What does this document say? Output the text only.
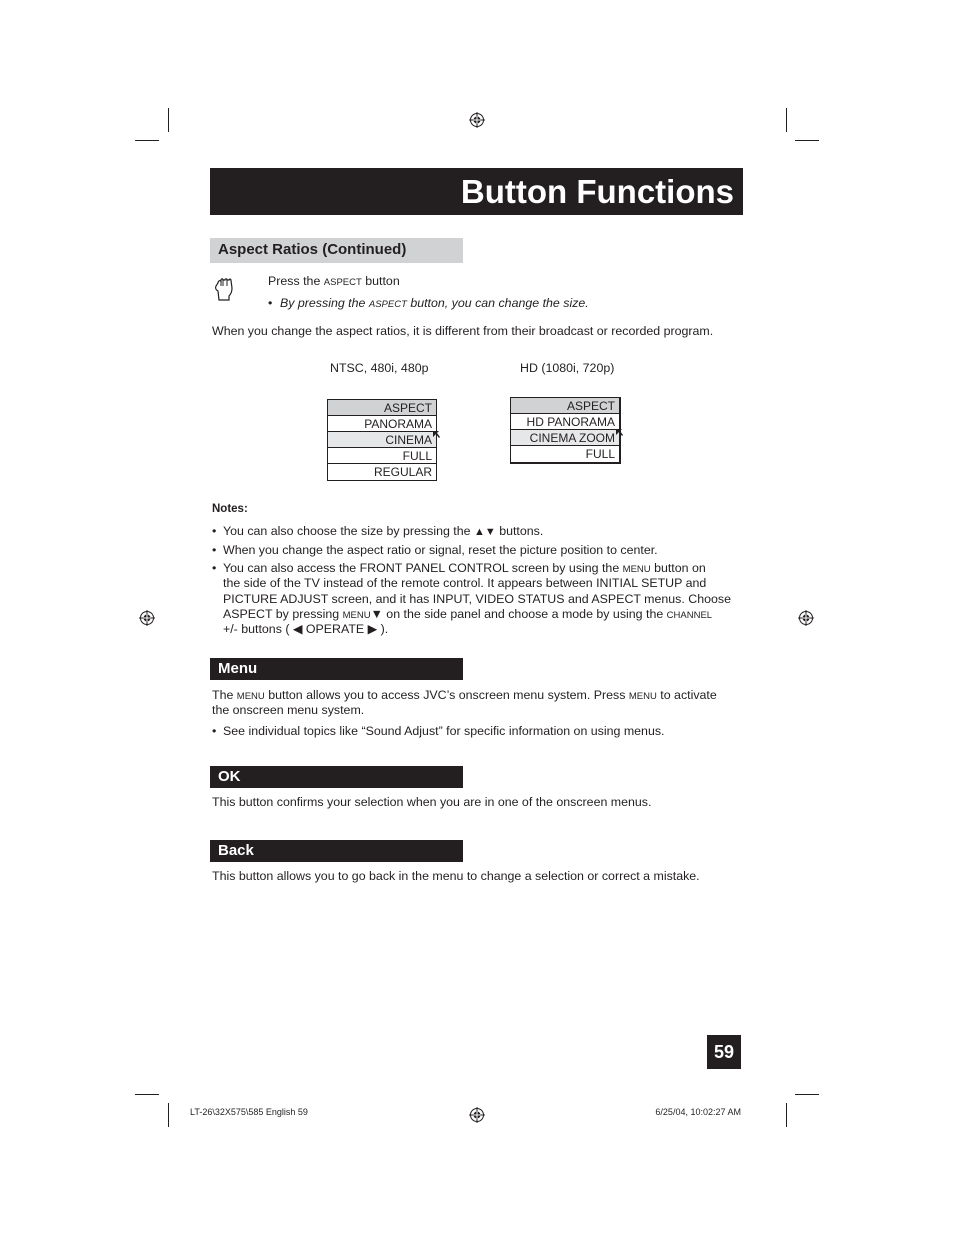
Button Functions
Aspect Ratios (Continued)
Press the ASPECT button
• By pressing the ASPECT button, you can change the size.
When you change the aspect ratios, it is different from their broadcast or recorded program.
NTSC, 480i, 480p	HD (1080i, 720p)
ASPECT
PANORAMA
CINEMA
FULL
REGULAR
ASPECT
HD PANORAMA
CINEMA ZOOM
FULL
Notes:
• You can also choose the size by pressing the ▲▼ buttons.
• When you change the aspect ratio or signal, reset the picture position to center.
• You can also access the FRONT PANEL CONTROL screen by using the MENU button on
the side of the TV instead of the remote control. It appears between INITIAL SETUP and
PICTURE ADJUST screen, and it has INPUT, VIDEO STATUS and ASPECT menus. Choose
ASPECT by pressing MENU▼ on the side panel and choose a mode by using the CHANNEL
+/- buttons ( ◀ OPERATE ▶ ).
Menu
The MENU button allows you to access JVC’s onscreen menu system. Press MENU to activate
the onscreen menu system.
• See individual topics like “Sound Adjust” for specific information on using menus.
OK
This button confirms your selection when you are in one of the onscreen menus.
Back
This button allows you to go back in the menu to change a selection or correct a mistake.
59
LT-26\32X575\585 English 59	6/25/04, 10:02:27 AM
